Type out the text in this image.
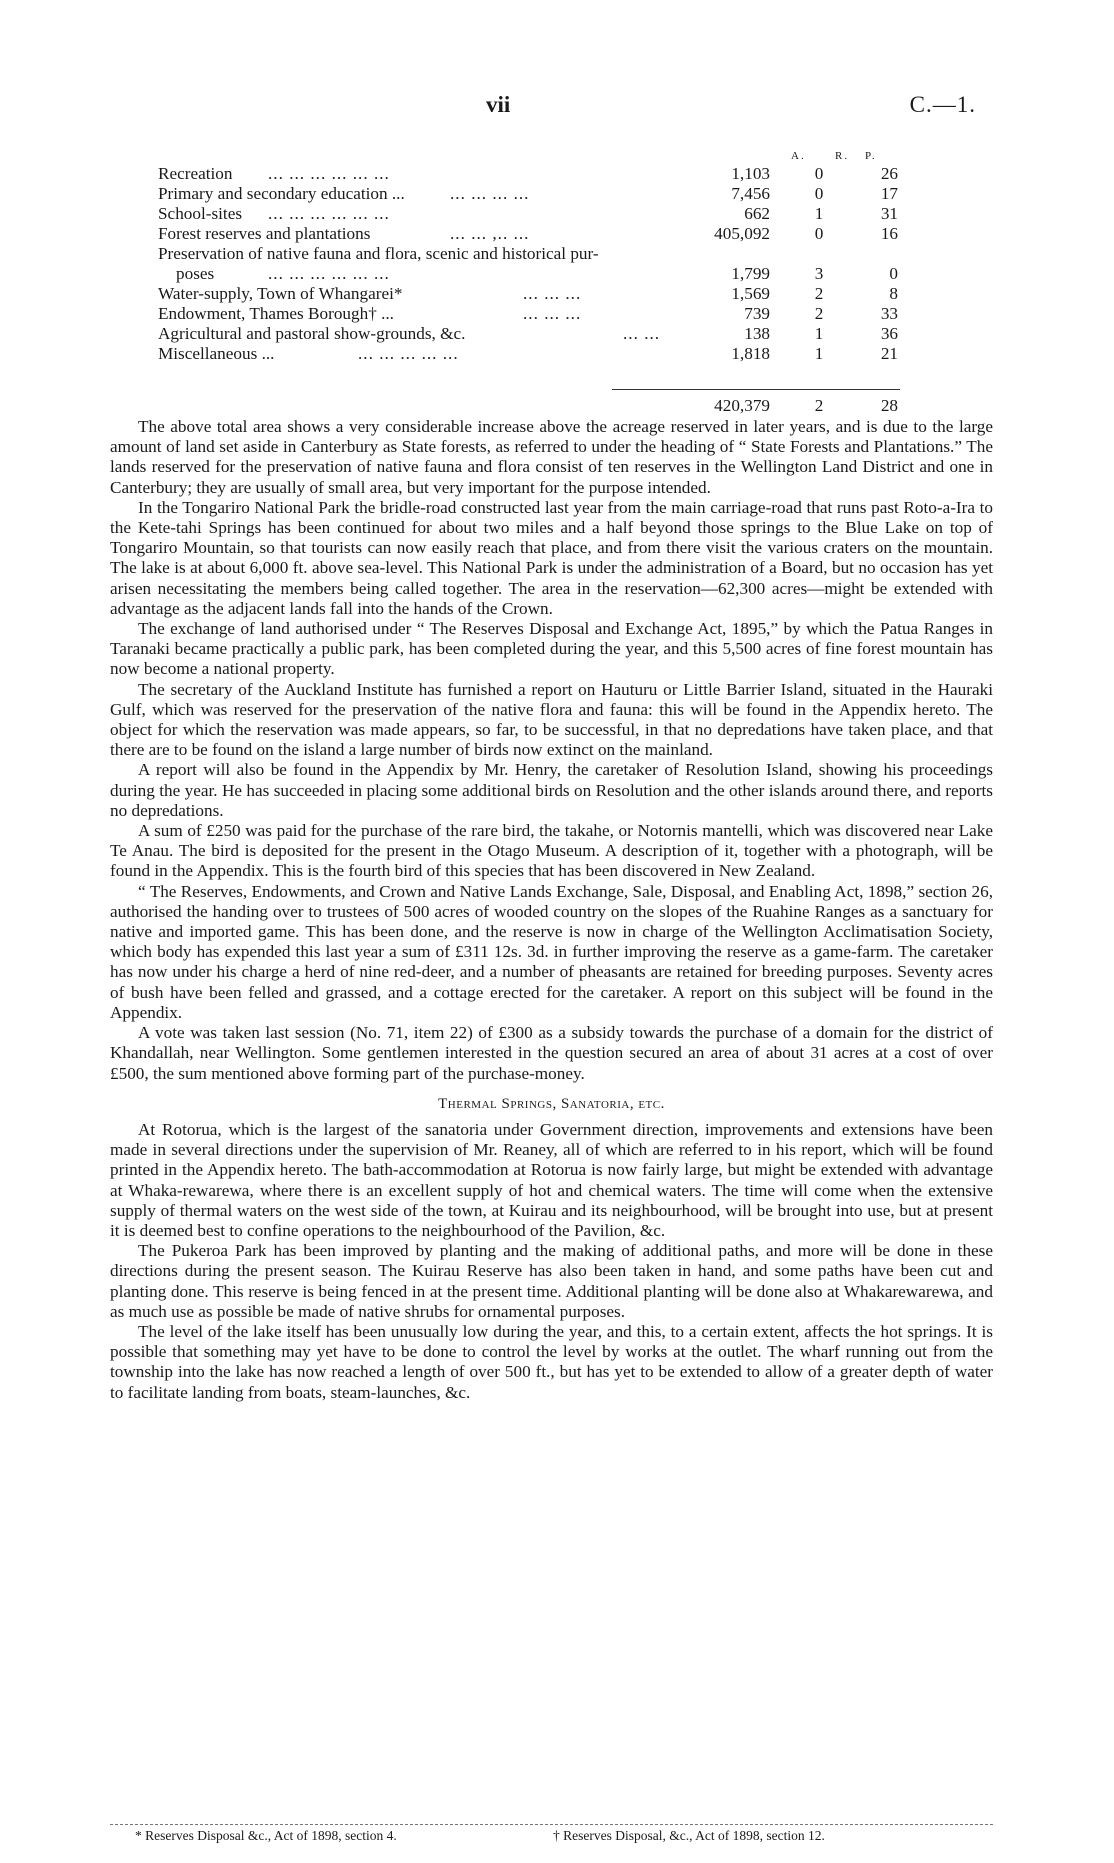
vii	C.—1.
A.	R. P.
Recreation ... ... ... ... ... ...	1,103	0	26
Primary and secondary education ...	... ... ... ...	7,456	0	17
School-sites ... ... ... ... ... ...	662	1	31
Forest reserves and plantations	... ... ,.. ...	405,092	0	16
Preservation of native fauna and flora, scenic and historical pur-
poses	... ... ... ... ... ...	1,799	3	0
Water-supply, Town of Whangarei*	... ... ...	1,569	2	8
Endowment, Thames Borough† ...	... ... ...	739	2	33
Agricultural and pastoral show-grounds, &c.	... ...	138	1	36
Miscellaneous ...	... ... ... ... ...	1,818	1	21
420,379	2	28

The above total area shows a very considerable increase above the acreage reserved in later years, and is due to the large amount of land set aside in Canterbury as State forests, as referred to under the heading of “ State Forests and Plantations.” The lands reserved for the preservation of native fauna and flora consist of ten reserves in the Wellington Land District and one in Canterbury; they are usually of small area, but very important for the purpose intended.

In the Tongariro National Park the bridle-road constructed last year from the main carriage-road that runs past Roto-a-Ira to the Kete-tahi Springs has been continued for about two miles and a half beyond those springs to the Blue Lake on top of Tongariro Mountain, so that tourists can now easily reach that place, and from there visit the various craters on the mountain. The lake is at about 6,000 ft. above sea-level. This National Park is under the administration of a Board, but no occasion has yet arisen necessitating the members being called together. The area in the reservation—62,300 acres—might be extended with advantage as the adjacent lands fall into the hands of the Crown.

The exchange of land authorised under “ The Reserves Disposal and Exchange Act, 1895,” by which the Patua Ranges in Taranaki became practically a public park, has been completed during the year, and this 5,500 acres of fine forest mountain has now become a national property.

The secretary of the Auckland Institute has furnished a report on Hauturu or Little Barrier Island, situated in the Hauraki Gulf, which was reserved for the preservation of the native flora and fauna: this will be found in the Appendix hereto. The object for which the reservation was made appears, so far, to be successful, in that no depredations have taken place, and that there are to be found on the island a large number of birds now extinct on the mainland.

A report will also be found in the Appendix by Mr. Henry, the caretaker of Resolution Island, showing his proceedings during the year. He has succeeded in placing some additional birds on Resolution and the other islands around there, and reports no depredations.

A sum of £250 was paid for the purchase of the rare bird, the takahe, or Notornis mantelli, which was discovered near Lake Te Anau. The bird is deposited for the present in the Otago Museum. A description of it, together with a photograph, will be found in the Appendix. This is the fourth bird of this species that has been discovered in New Zealand.

“ The Reserves, Endowments, and Crown and Native Lands Exchange, Sale, Disposal, and Enabling Act, 1898,” section 26, authorised the handing over to trustees of 500 acres of wooded country on the slopes of the Ruahine Ranges as a sanctuary for native and imported game. This has been done, and the reserve is now in charge of the Wellington Acclimatisation Society, which body has expended this last year a sum of £311 12s. 3d. in further improving the reserve as a game-farm. The caretaker has now under his charge a herd of nine red-deer, and a number of pheasants are retained for breeding purposes. Seventy acres of bush have been felled and grassed, and a cottage erected for the caretaker. A report on this subject will be found in the Appendix.

A vote was taken last session (No. 71, item 22) of £300 as a subsidy towards the purchase of a domain for the district of Khandallah, near Wellington. Some gentlemen interested in the question secured an area of about 31 acres at a cost of over £500, the sum mentioned above forming part of the purchase-money.

Thermal Springs, Sanatoria, etc.

At Rotorua, which is the largest of the sanatoria under Government direction, improvements and extensions have been made in several directions under the supervision of Mr. Reaney, all of which are referred to in his report, which will be found printed in the Appendix hereto. The bath-accommodation at Rotorua is now fairly large, but might be extended with advantage at Whaka-rewarewa, where there is an excellent supply of hot and chemical waters. The time will come when the extensive supply of thermal waters on the west side of the town, at Kuirau and its neighbourhood, will be brought into use, but at present it is deemed best to confine operations to the neighbourhood of the Pavilion, &c.

The Pukeroa Park has been improved by planting and the making of additional paths, and more will be done in these directions during the present season. The Kuirau Reserve has also been taken in hand, and some paths have been cut and planting done. This reserve is being fenced in at the present time. Additional planting will be done also at Whakarewarewa, and as much use as possible be made of native shrubs for ornamental purposes.

The level of the lake itself has been unusually low during the year, and this, to a certain extent, affects the hot springs. It is possible that something may yet have to be done to control the level by works at the outlet. The wharf running out from the township into the lake has now reached a length of over 500 ft., but has yet to be extended to allow of a greater depth of water to facilitate landing from boats, steam-launches, &c.

* Reserves Disposal &c., Act of 1898, section 4.	† Reserves Disposal, &c., Act of 1898, section 12.
